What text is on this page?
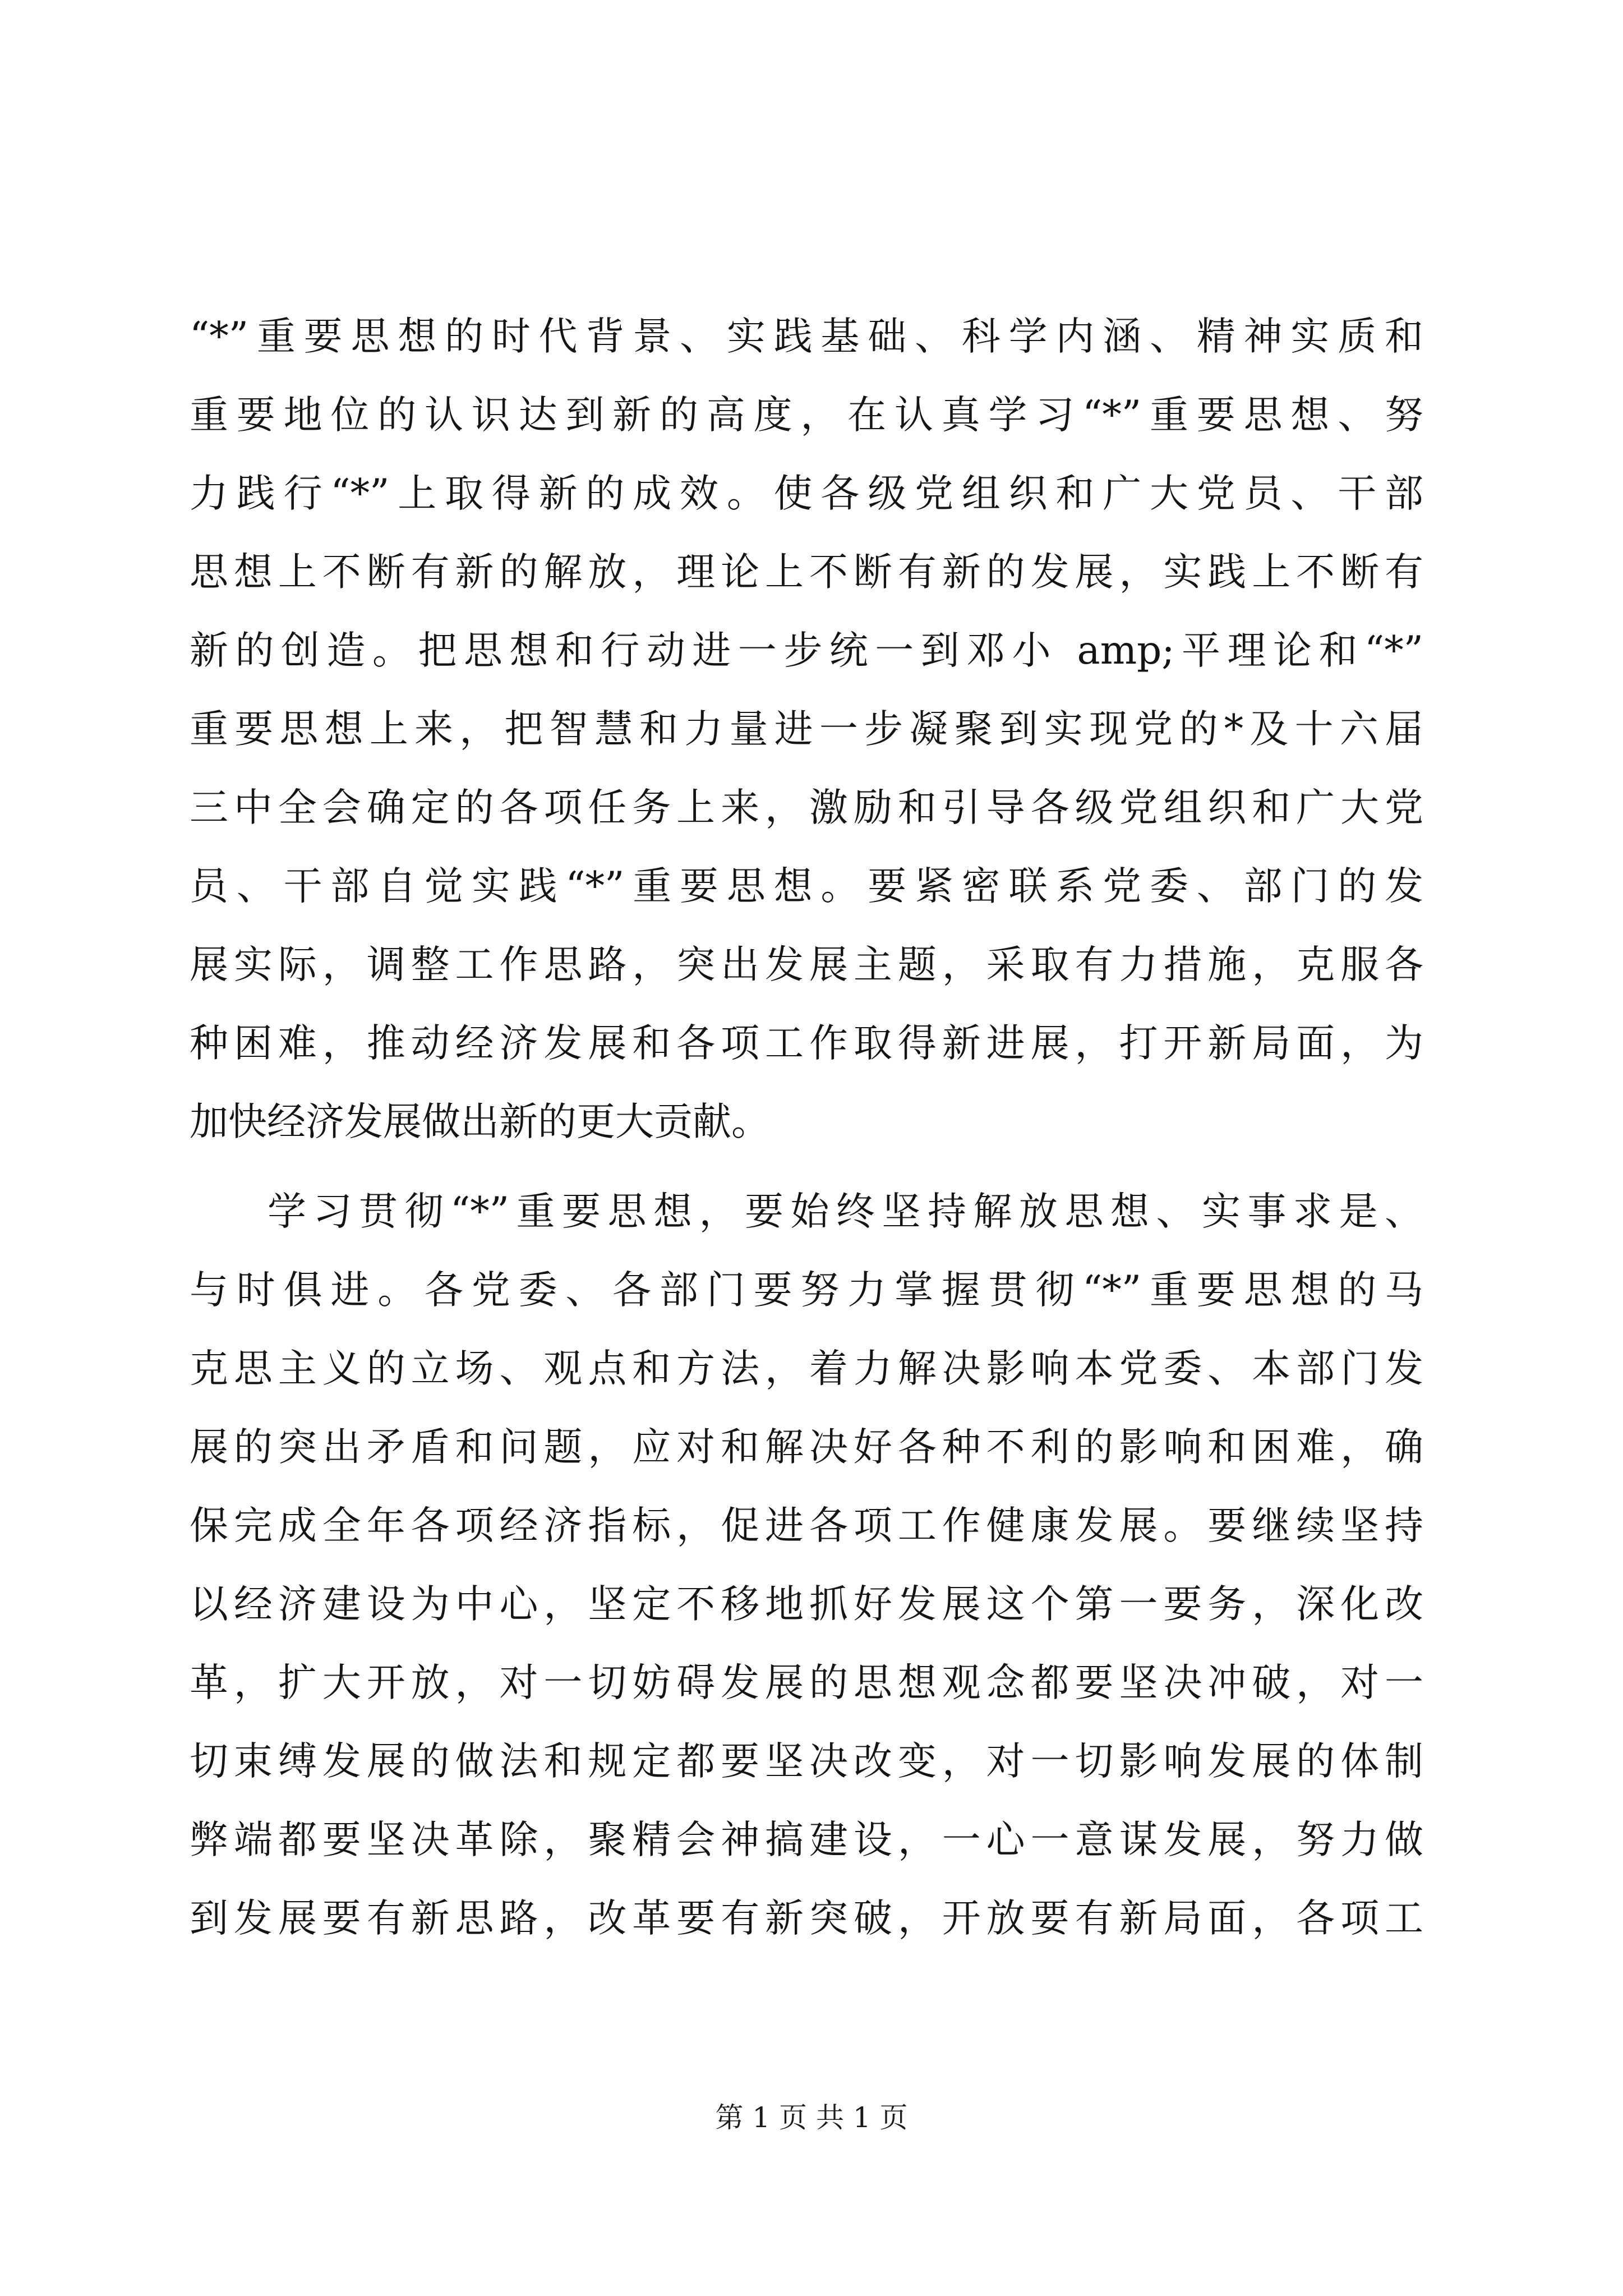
“*”重要思想的时代背景、实践基础、科学内涵、精神实质和
重要地位的认识达到新的高度，在认真学习“*”重要思想、努
力践行“*”上取得新的成效。使各级党组织和广大党员、干部
思想上不断有新的解放，理论上不断有新的发展，实践上不断有
新的创造。把思想和行动进一步统一到邓小 amp;平理论和“*”
重要思想上来，把智慧和力量进一步凝聚到实现党的*及十六届
三中全会确定的各项任务上来，激励和引导各级党组织和广大党
员、干部自觉实践“*”重要思想。要紧密联系党委、部门的发
展实际，调整工作思路，突出发展主题，采取有力措施，克服各
种困难，推动经济发展和各项工作取得新进展，打开新局面，为
加快经济发展做出新的更大贡献。
学习贯彻“*”重要思想，要始终坚持解放思想、实事求是、
与时俱进。各党委、各部门要努力掌握贯彻“*”重要思想的马
克思主义的立场、观点和方法，着力解决影响本党委、本部门发
展的突出矛盾和问题，应对和解决好各种不利的影响和困难，确
保完成全年各项经济指标，促进各项工作健康发展。要继续坚持
以经济建设为中心，坚定不移地抓好发展这个第一要务，深化改
革，扩大开放，对一切妨碍发展的思想观念都要坚决冲破，对一
切束缚发展的做法和规定都要坚决改变，对一切影响发展的体制
弊端都要坚决革除，聚精会神搞建设，一心一意谋发展，努力做
到发展要有新思路，改革要有新突破，开放要有新局面，各项工
第 1 页 共 1 页
